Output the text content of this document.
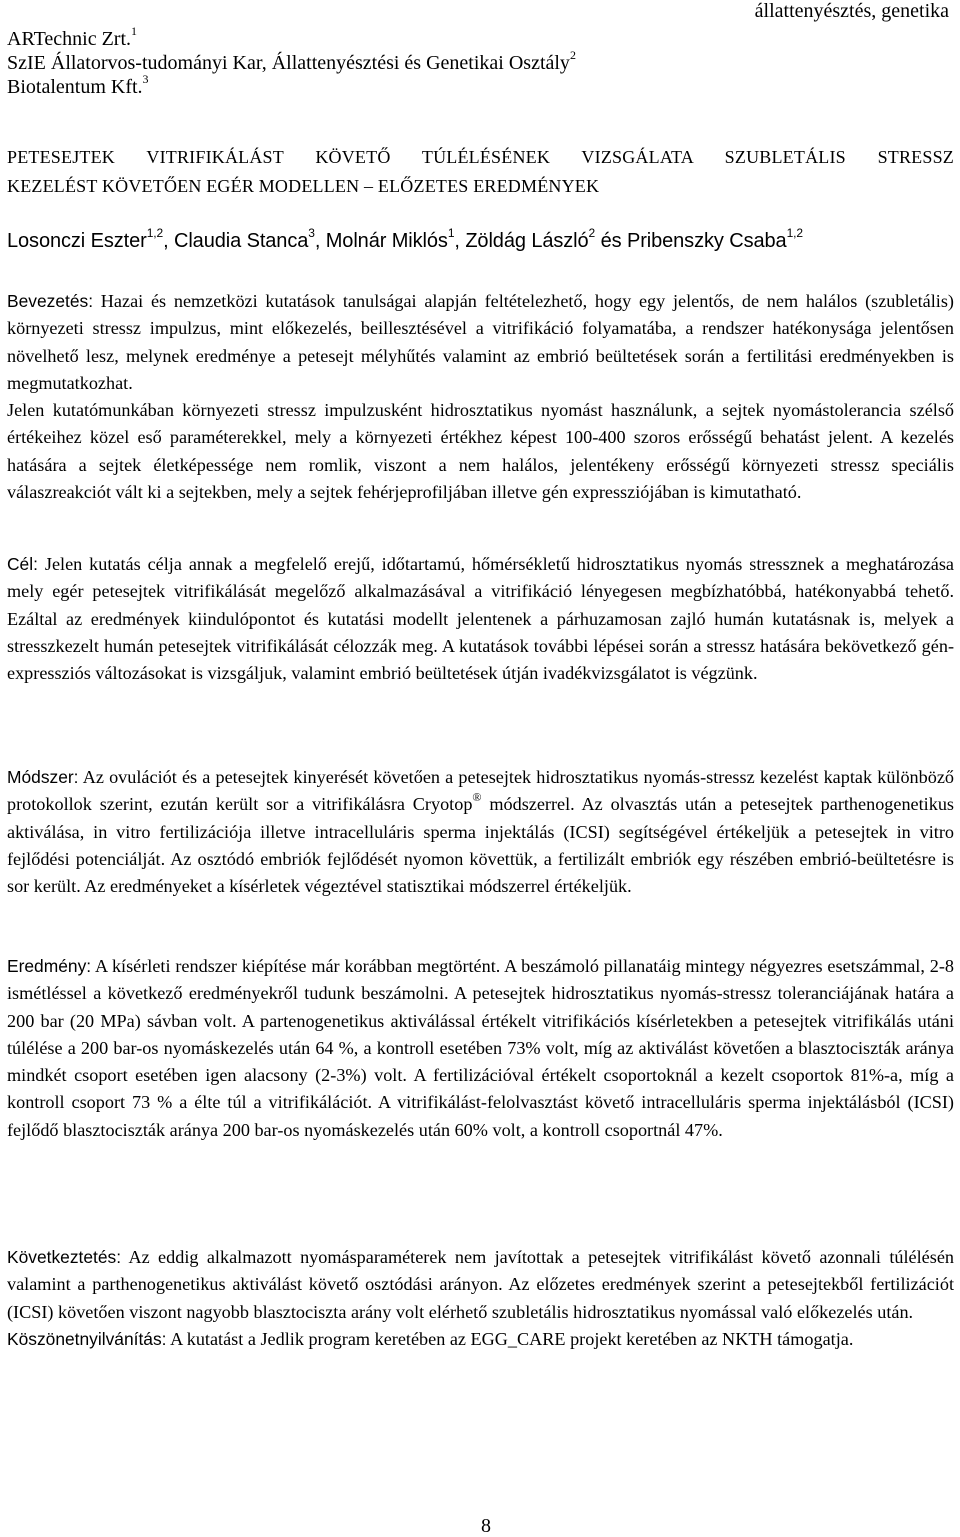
állattenyésztés, genetika
ARTechnic Zrt.$^1$
SzIE Állatorvos-tudományi Kar, Állattenyésztési és Genetikai Osztály$^2$
Biotalentum Kft.$^3$
PETESEJTEK VITRIFIKÁLÁST KÖVETŐ TÚLÉLÉSÉNEK VIZSGÁLATA SZUBLETÁLIS STRESSZ
KEZELÉST KÖVETŐEN EGÉR MODELLEN – ELŐZETES EREDMÉNYEK
Losonczi Eszter$^{1,2}$, Claudia Stanca$^3$, Molnár Miklós$^1$, Zöldág László$^2$ és Pribenszky Csaba$^{1,2}$

Bevezetés: Hazai és nemzetközi kutatások tanulságai alapján feltételezhető, hogy egy jelentős, de nem halálos (szubletális) környezeti stressz impulzus, mint előkezelés, beillesztésével a vitrifikáció folyamatába, a rendszer hatékonysága jelentősen növelhető lesz, melynek eredménye a petesejt mélyhűtés valamint az embrió beültetések során a fertilitási eredményekben is megmutatkozhat.

Jelen kutatómunkában környezeti stressz impulzusként hidrosztatikus nyomást használunk, a sejtek nyomástolerancia szélső értékeihez közel eső paraméterekkel, mely a környezeti értékhez képest 100-400 szoros erősségű behatást jelent. A kezelés hatására a sejtek életképessége nem romlik, viszont a nem halálos, jelentékeny erősségű környezeti stressz speciális válaszreakciót vált ki a sejtekben, mely a sejtek fehérjeprofiljában illetve gén expressziójában is kimutatható.

Cél: Jelen kutatás célja annak a megfelelő erejű, időtartamú, hőmérsékletű hidrosztatikus nyomás stressznek a meghatározása mely egér petesejtek vitrifikálását megelőző alkalmazásával a vitrifikáció lényegesen megbízhatóbbá, hatékonyabbá tehető. Ezáltal az eredmények kiindulópontot és kutatási modellt jelentenek a párhuzamosan zajló humán kutatásnak is, melyek a stresszkezelt humán petesejtek vitrifikálását célozzák meg. A kutatások további lépései során a stressz hatására bekövetkező gén-expressziós változásokat is vizsgáljuk, valamint embrió beültetések útján ivadékvizsgálatot is végzünk.

Módszer: Az ovulációt és a petesejtek kinyerését követően a petesejtek hidrosztatikus nyomás-stressz kezelést kaptak különböző protokollok szerint, ezután került sor a vitrifikálásra Cryotop® módszerrel. Az olvasztás után a petesejtek parthenogenetikus aktiválása, in vitro fertilizációja illetve intracelluláris sperma injektálás (ICSI) segítségével értékeljük a petesejtek in vitro fejlődési potenciálját. Az osztódó embriók fejlődését nyomon követtük, a fertilizált embriók egy részében embrió-beültetésre is sor került. Az eredményeket a kísérletek végeztével statisztikai módszerrel értékeljük.

Eredmény: A kísérleti rendszer kiépítése már korábban megtörtént. A beszámoló pillanatáig mintegy négyezres esetszámmal, 2-8 ismétléssel a következő eredményekről tudunk beszámolni. A petesejtek hidrosztatikus nyomás-stressz toleranciájának határa a 200 bar (20 MPa) sávban volt. A partenogenetikus aktiválással értékelt vitrifikációs kísérletekben a petesejtek vitrifikálás utáni túlélése a 200 bar-os nyomáskezelés után 64 %, a kontroll esetében 73% volt, míg az aktiválást követően a blasztociszták aránya mindkét csoport esetében igen alacsony (2-3%) volt. A fertilizációval értékelt csoportoknál a kezelt csoportok 81%-a, míg a kontroll csoport 73 % a élte túl a vitrifikálációt. A vitrifikálást-felolvasztást követő intracelluláris sperma injektálásból (ICSI) fejlődő blasztociszták aránya 200 bar-os nyomáskezelés után 60% volt, a kontroll csoportnál 47%.

Következtetés: Az eddig alkalmazott nyomásparaméterek nem javítottak a petesejtek vitrifikálást követő azonnali túlélésén valamint a parthenogenetikus aktiválást követő osztódási arányon. Az előzetes eredmények szerint a petesejtekből fertilizációt (ICSI) követően viszont nagyobb blasztociszta arány volt elérhető szubletális hidrosztatikus nyomással való előkezelés után.

Köszönetnyilvánítás: A kutatást a Jedlik program keretében az EGG_CARE projekt keretében az NKTH támogatja.

8
